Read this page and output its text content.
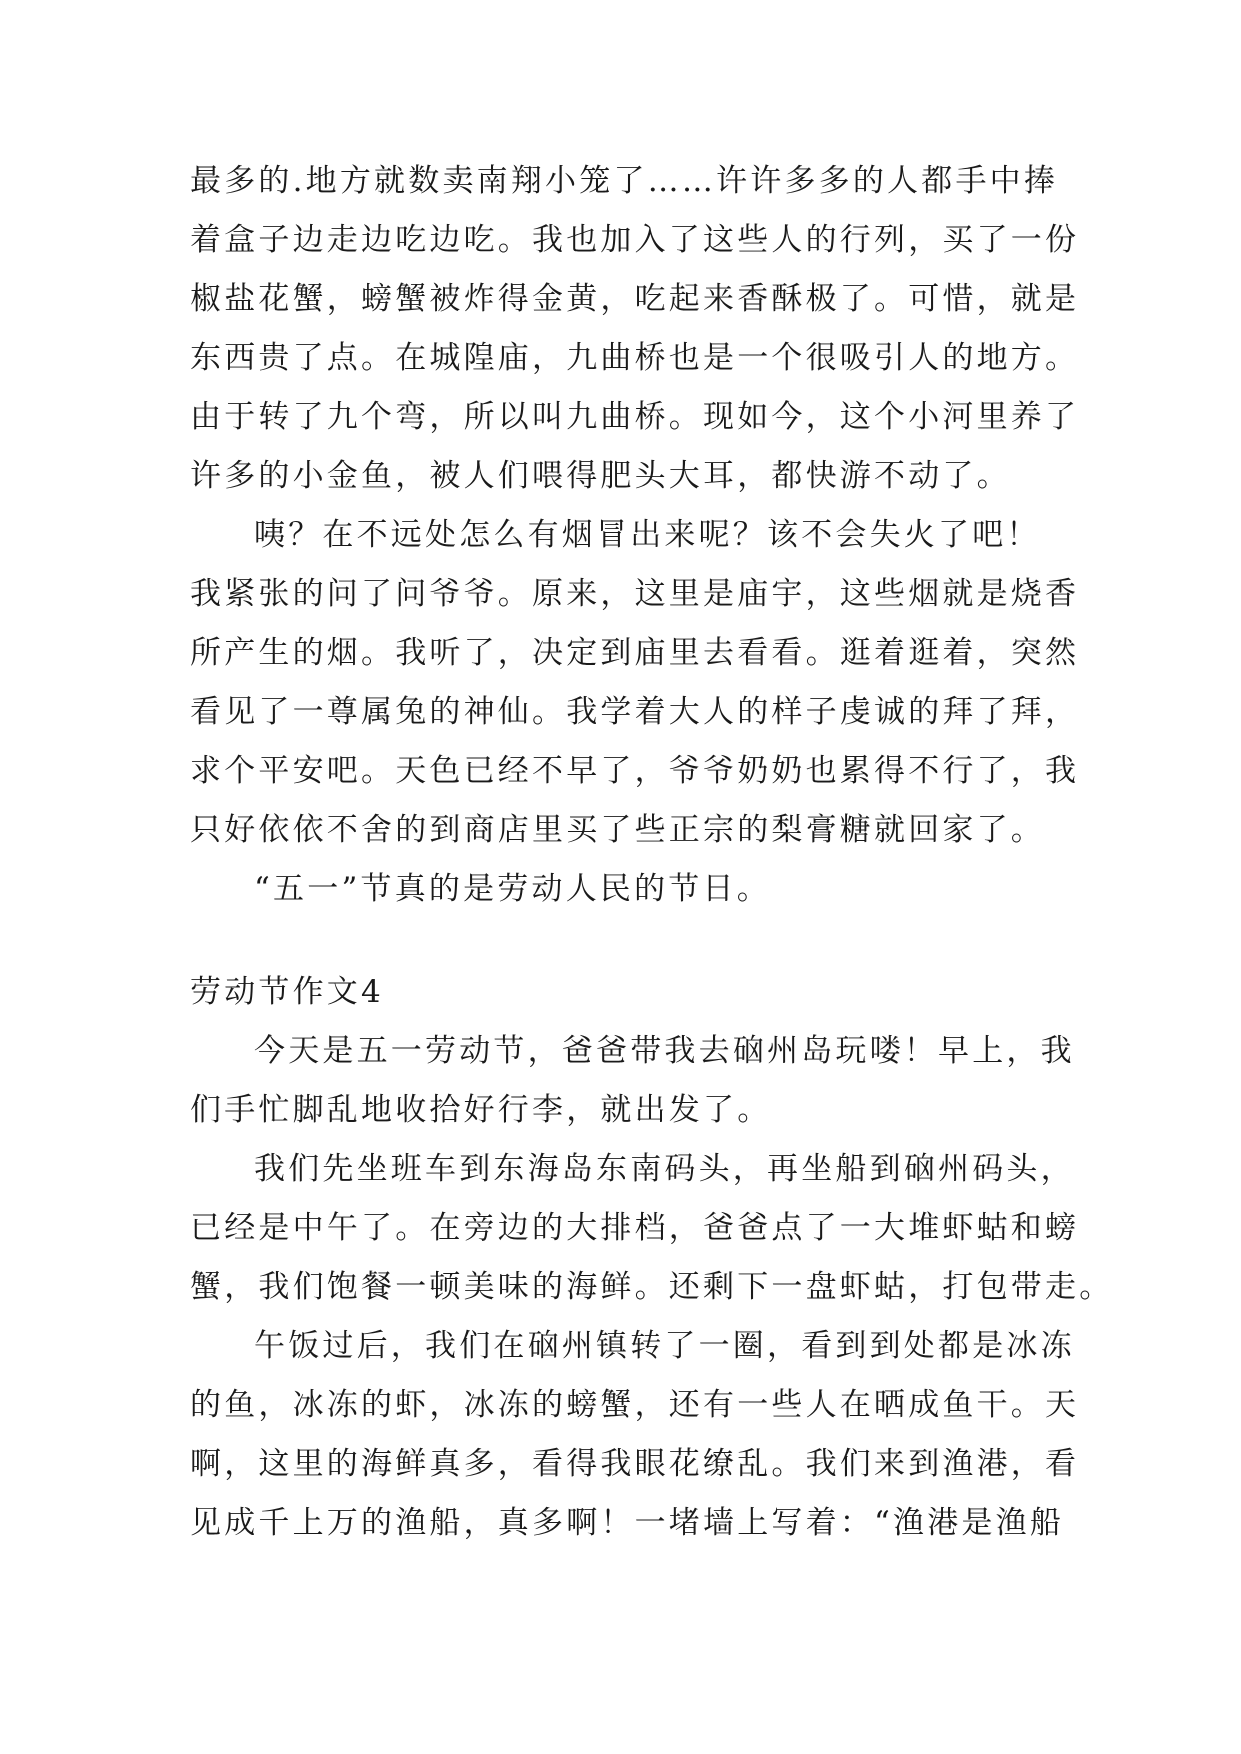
最多的.地方就数卖南翔小笼了……许许多多的人都手中捧
着盒子边走边吃边吃。我也加入了这些人的行列，买了一份
椒盐花蟹，螃蟹被炸得金黄，吃起来香酥极了。可惜，就是
东西贵了点。在城隍庙，九曲桥也是一个很吸引人的地方。
由于转了九个弯，所以叫九曲桥。现如今，这个小河里养了
许多的小金鱼，被人们喂得肥头大耳，都快游不动了。
咦？在不远处怎么有烟冒出来呢？该不会失火了吧！
我紧张的问了问爷爷。原来，这里是庙宇，这些烟就是烧香
所产生的烟。我听了，决定到庙里去看看。逛着逛着，突然
看见了一尊属兔的神仙。我学着大人的样子虔诚的拜了拜，
求个平安吧。天色已经不早了，爷爷奶奶也累得不行了，我
只好依依不舍的到商店里买了些正宗的梨膏糖就回家了。
“五一”节真的是劳动人民的节日。
劳动节作文4
今天是五一劳动节，爸爸带我去硇州岛玩喽！早上，我
们手忙脚乱地收拾好行李，就出发了。
我们先坐班车到东海岛东南码头，再坐船到硇州码头，
已经是中午了。在旁边的大排档，爸爸点了一大堆虾蛄和螃
蟹，我们饱餐一顿美味的海鲜。还剩下一盘虾蛄，打包带走。
午饭过后，我们在硇州镇转了一圈，看到到处都是冰冻
的鱼，冰冻的虾，冰冻的螃蟹，还有一些人在晒成鱼干。天
啊，这里的海鲜真多，看得我眼花缭乱。我们来到渔港，看
见成千上万的渔船，真多啊！一堵墙上写着：“渔港是渔船
